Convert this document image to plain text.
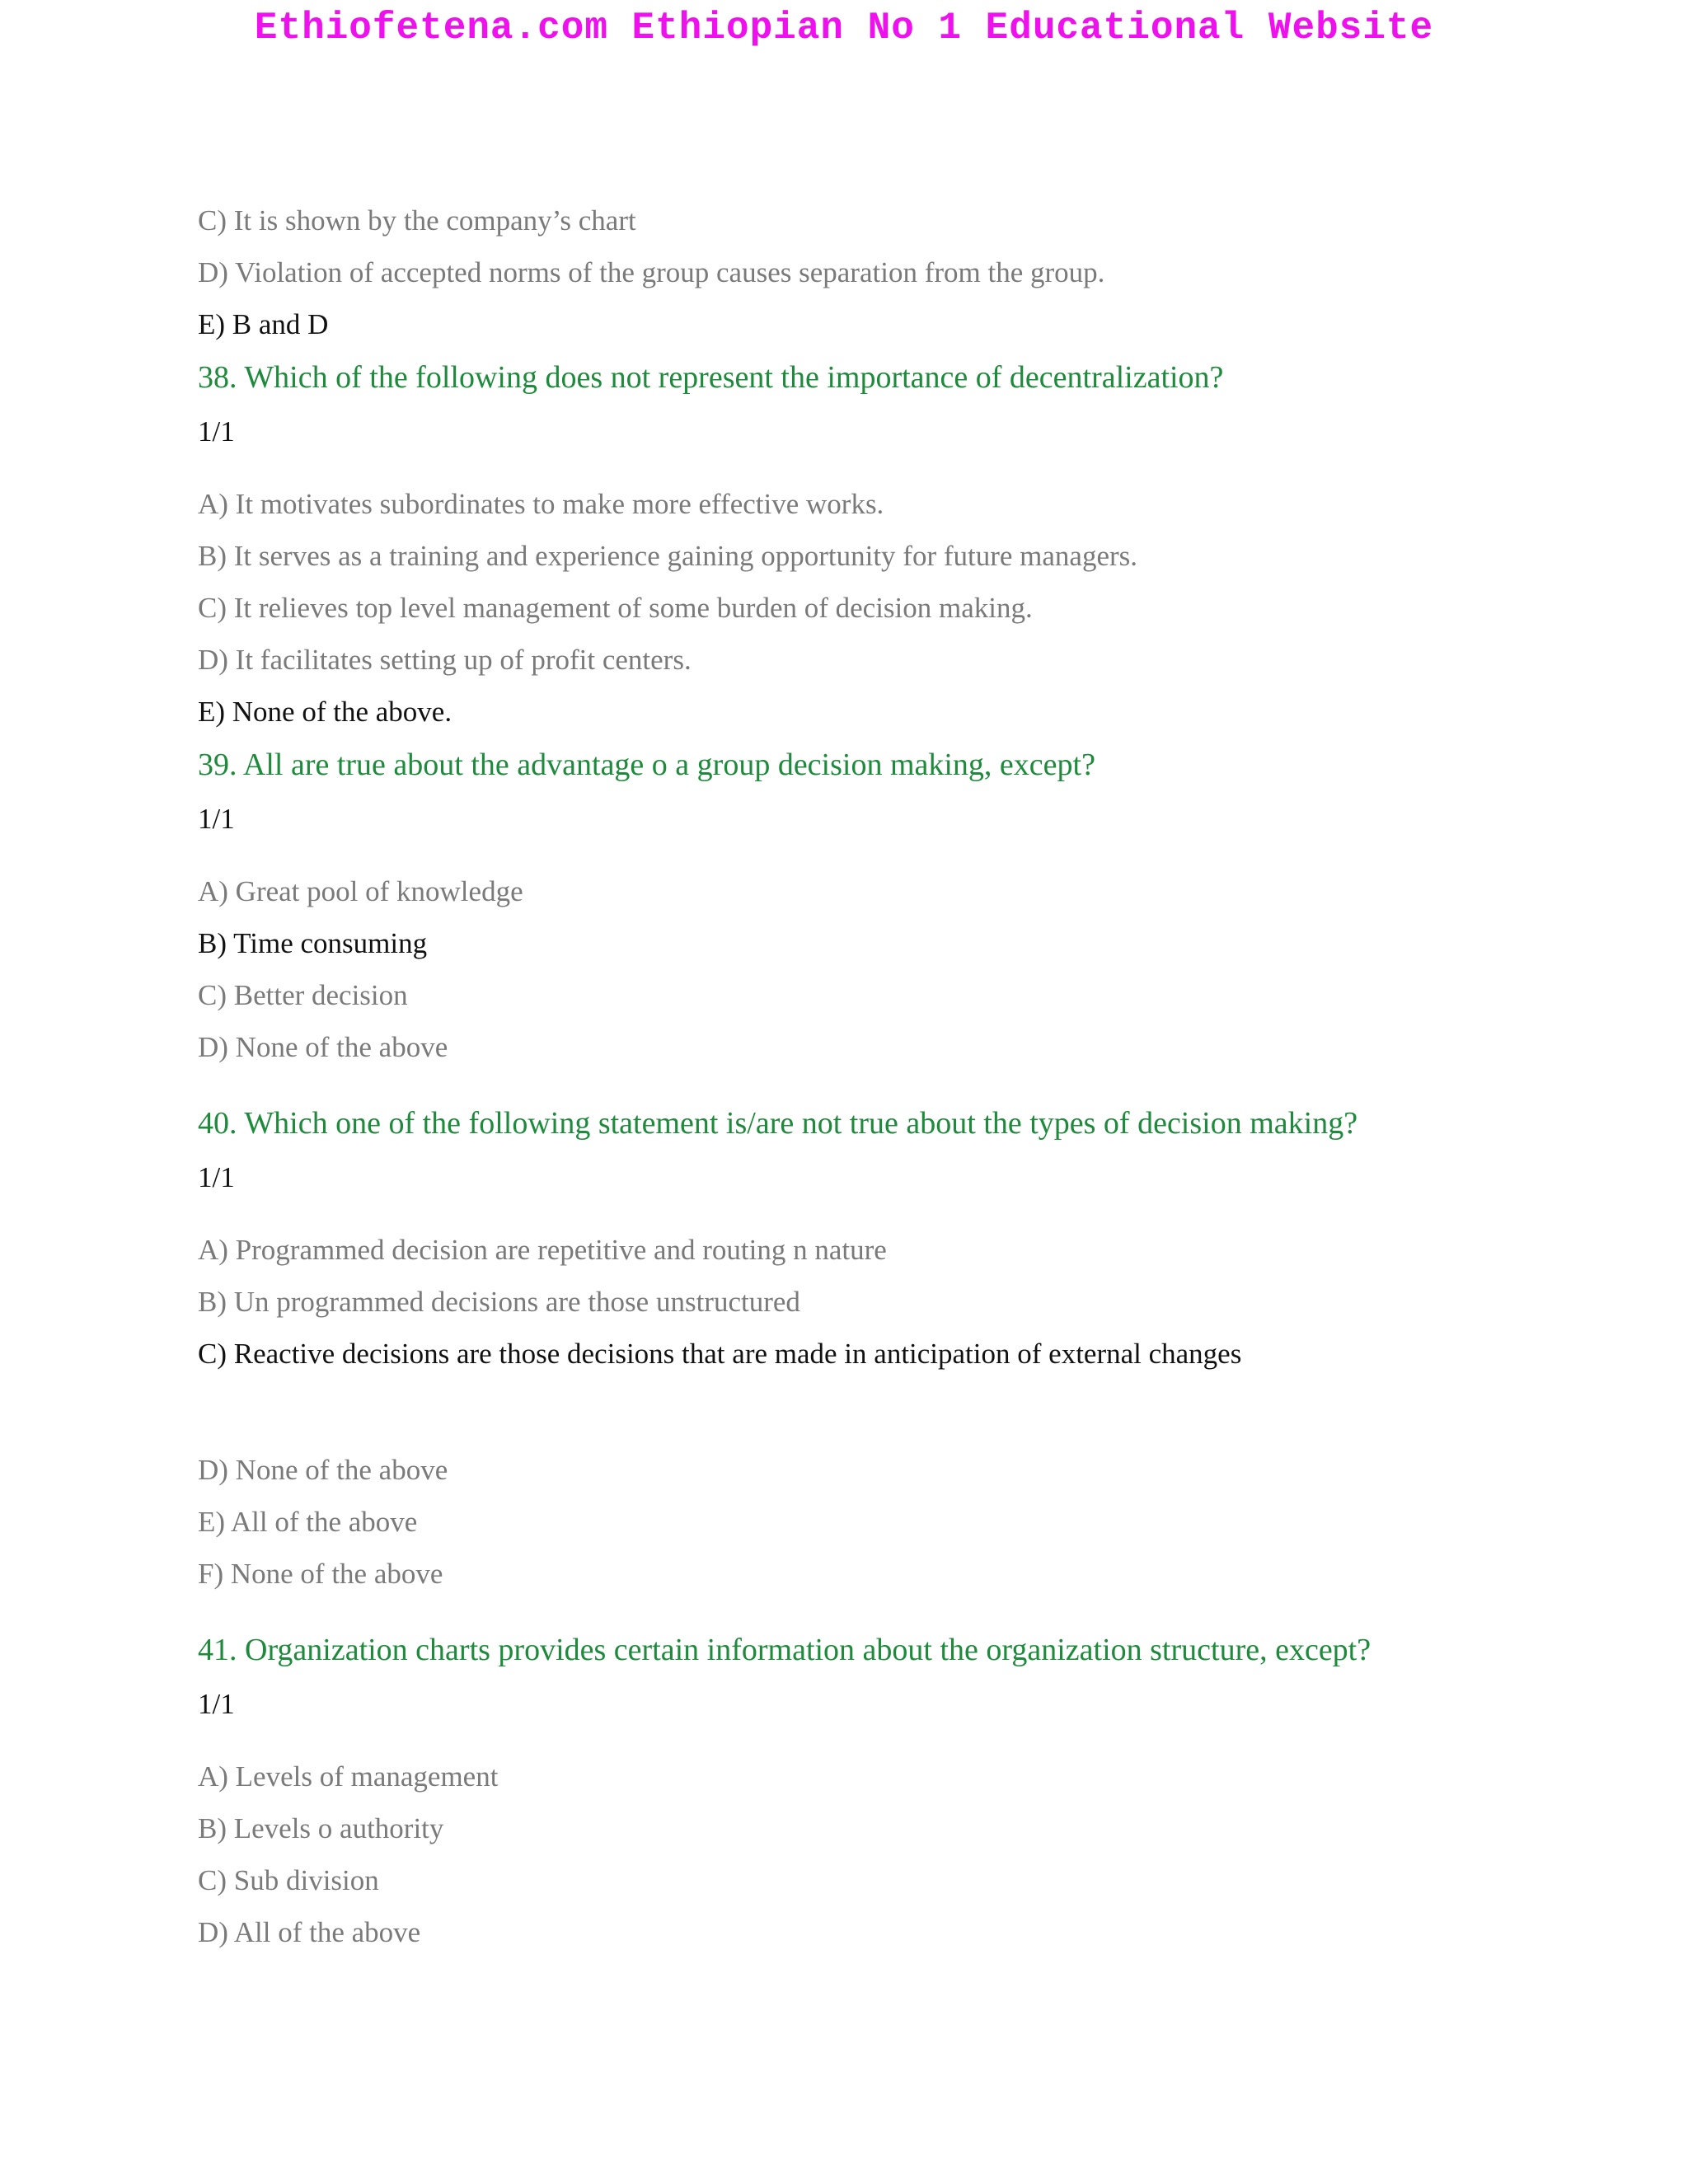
Ethiofetena.com Ethiopian No 1 Educational Website
C) It is shown by the company’s chart
D) Violation of accepted norms of the group causes separation from the group.
E) B and D
38. Which of the following does not represent the importance of decentralization?
1/1
A) It motivates subordinates to make more effective works.
B) It serves as a training and experience gaining opportunity for future managers.
C) It relieves top level management of some burden of decision making.
D) It facilitates setting up of profit centers.
E) None of the above.
39. All are true about the advantage o a group decision making, except?
1/1
A) Great pool of knowledge
B) Time consuming
C) Better decision
D) None of the above
40. Which one of the following statement is/are not true about the types of decision making?
1/1
A) Programmed decision are repetitive and routing n nature
B) Un programmed decisions are those unstructured
C) Reactive decisions are those decisions that are made in anticipation of external changes
D) None of the above
E) All of the above
F) None of the above
41. Organization charts provides certain information about the organization structure, except?
1/1
A) Levels of management
B) Levels o authority
C) Sub division
D) All of the above
